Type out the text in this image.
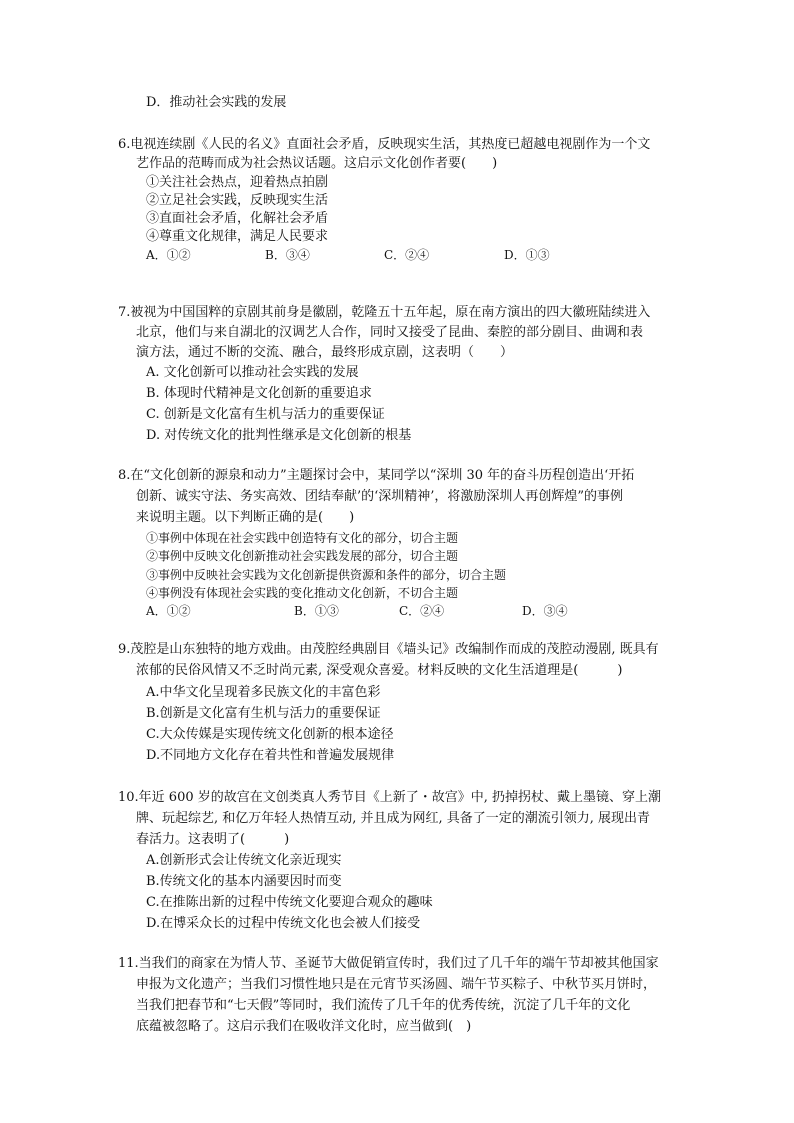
D．推动社会实践的发展
6.电视连续剧《人民的名义》直面社会矛盾，反映现实生活，其热度已超越电视剧作为一个文
艺作品的范畴而成为社会热议话题。这启示文化创作者要(　　)
①关注社会热点，迎着热点拍剧
②立足社会实践，反映现实生活
③直面社会矛盾，化解社会矛盾
④尊重文化规律，满足人民要求
A．①②	B．③④	C．②④	D．①③
7.被视为中国国粹的京剧其前身是徽剧，乾隆五十五年起，原在南方演出的四大徽班陆续进入
北京，他们与来自湖北的汉调艺人合作，同时又接受了昆曲、秦腔的部分剧目、曲调和表
演方法，通过不断的交流、融合，最终形成京剧，这表明（　　）
A. 文化创新可以推动社会实践的发展
B. 体现时代精神是文化创新的重要追求
C. 创新是文化富有生机与活力的重要保证
D. 对传统文化的批判性继承是文化创新的根基
8.在“文化创新的源泉和动力”主题探讨会中，某同学以“深圳 30 年的奋斗历程创造出‘开拓
创新、诚实守法、务实高效、团结奉献’的‘深圳精神’，将激励深圳人再创辉煌”的事例
来说明主题。以下判断正确的是(　　)
①事例中体现在社会实践中创造特有文化的部分，切合主题
②事例中反映文化创新推动社会实践发展的部分，切合主题
③事例中反映社会实践为文化创新提供资源和条件的部分，切合主题
④事例没有体现社会实践的变化推动文化创新，不切合主题
A．①②	B．①③	C．②④	D．③④
9.茂腔是山东独特的地方戏曲。由茂腔经典剧目《墙头记》改编制作而成的茂腔动漫剧, 既具有
浓郁的民俗风情又不乏时尚元素, 深受观众喜爱。材料反映的文化生活道理是(　　　)
A.中华文化呈现着多民族文化的丰富色彩
B.创新是文化富有生机与活力的重要保证
C.大众传媒是实现传统文化创新的根本途径
D.不同地方文化存在着共性和普遍发展规律
10.年近 600 岁的故宫在文创类真人秀节目《上新了・故宫》中, 扔掉拐杖、戴上墨镜、穿上潮
牌、玩起综艺, 和亿万年轻人热情互动, 并且成为网红, 具备了一定的潮流引领力, 展现出青
春活力。这表明了(　　　)
A.创新形式会让传统文化亲近现实
B.传统文化的基本内涵要因时而变
C.在推陈出新的过程中传统文化要迎合观众的趣味
D.在博采众长的过程中传统文化也会被人们接受
11.当我们的商家在为情人节、圣诞节大做促销宣传时，我们过了几千年的端午节却被其他国家
申报为文化遗产；当我们习惯性地只是在元宵节买汤圆、端午节买粽子、中秋节买月饼时，
当我们把春节和“七天假”等同时，我们流传了几千年的优秀传统，沉淀了几千年的文化
底蕴被忽略了。这启示我们在吸收洋文化时，应当做到(　)
